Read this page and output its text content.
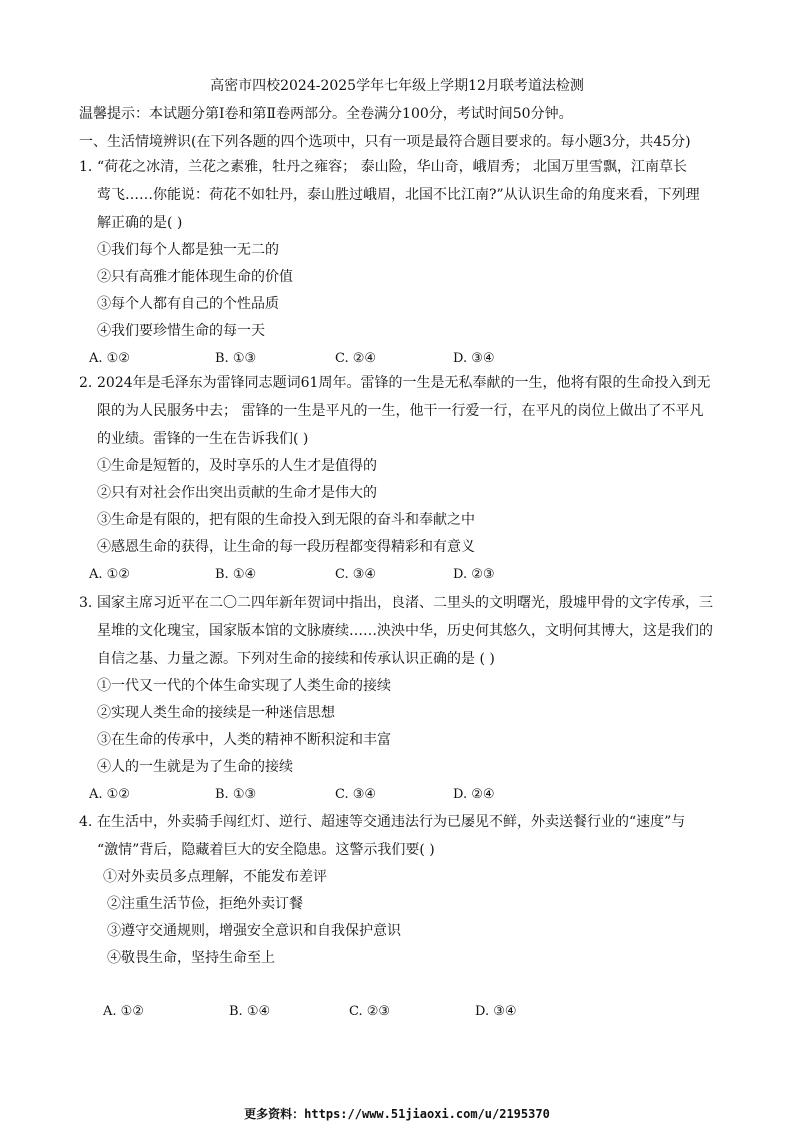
高密市四校2024-2025学年七年级上学期12月联考道法检测
温馨提示：本试题分第Ⅰ卷和第Ⅱ卷两部分。全卷满分100分，考试时间50分钟。
一、生活情境辨识(在下列各题的四个选项中，只有一项是最符合题目要求的。每小题3分，共45分)
1. “荷花之冰清，兰花之素雅，牡丹之雍容； 泰山险，华山奇，峨眉秀； 北国万里雪飘，江南草长
莺飞……你能说：荷花不如牡丹，泰山胜过峨眉，北国不比江南?”从认识生命的角度来看，下列理
解正确的是( )
①我们每个人都是独一无二的
②只有高雅才能体现生命的价值
③每个人都有自己的个性品质
④我们要珍惜生命的每一天
A. ①②	B. ①③	C. ②④	D. ③④
2. 2024年是毛泽东为雷锋同志题词61周年。雷锋的一生是无私奉献的一生，他将有限的生命投入到无
限的为人民服务中去； 雷锋的一生是平凡的一生，他干一行爱一行，在平凡的岗位上做出了不平凡
的业绩。雷锋的一生在告诉我们( )
①生命是短暂的，及时享乐的人生才是值得的
②只有对社会作出突出贡献的生命才是伟大的
③生命是有限的，把有限的生命投入到无限的奋斗和奉献之中
④感恩生命的获得，让生命的每一段历程都变得精彩和有意义
A. ①②	B. ①④	C. ③④	D. ②③
3. 国家主席习近平在二〇二四年新年贺词中指出，良渚、二里头的文明曙光，殷墟甲骨的文字传承，三
星堆的文化瑰宝，国家版本馆的文脉赓续……泱泱中华，历史何其悠久，文明何其博大，这是我们的
自信之基、力量之源。下列对生命的接续和传承认识正确的是 ( )
①一代又一代的个体生命实现了人类生命的接续
②实现人类生命的接续是一种迷信思想
③在生命的传承中，人类的精神不断积淀和丰富
④人的一生就是为了生命的接续
A. ①②	B. ①③	C. ③④	D. ②④
4. 在生活中，外卖骑手闯红灯、逆行、超速等交通违法行为已屡见不鲜，外卖送餐行业的“速度”与
“激情”背后，隐藏着巨大的安全隐患。这警示我们要( )
①对外卖员多点理解，不能发布差评
②注重生活节俭，拒绝外卖订餐
③遵守交通规则，增强安全意识和自我保护意识
④敬畏生命，坚持生命至上
A. ①②	B. ①④	C. ②③	D. ③④
更多资料：https://www.51jiaoxi.com/u/2195370
